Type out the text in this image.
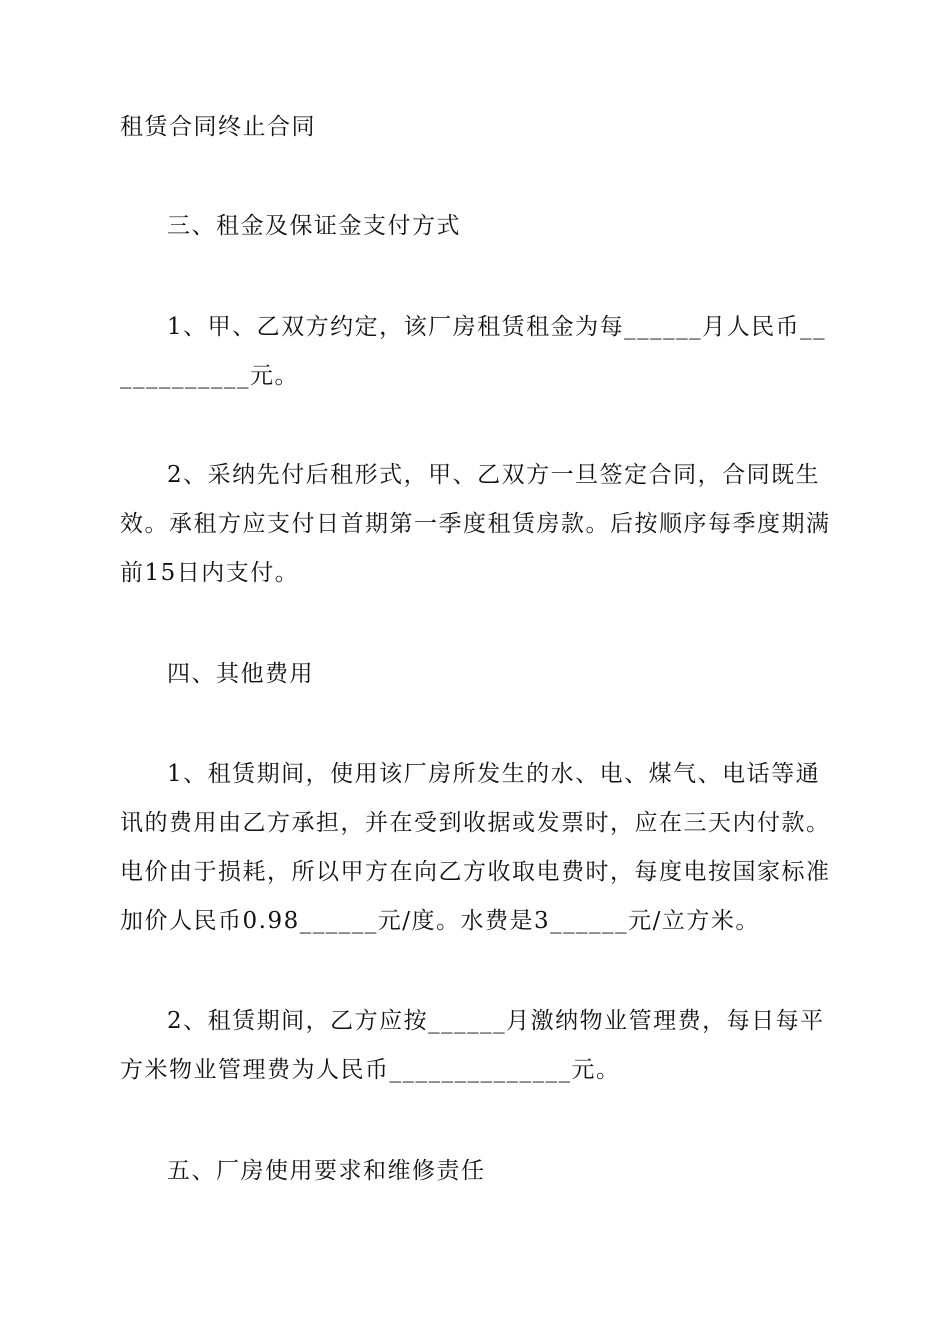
租赁合同终止合同

三、租金及保证金支付方式

1、甲、乙双方约定，该厂房租赁租金为每______月人民币____________元。

2、采纳先付后租形式，甲、乙双方一旦签定合同，合同既生效。承租方应支付日首期第一季度租赁房款。后按顺序每季度期满前15日内支付。

四、其他费用

1、租赁期间，使用该厂房所发生的水、电、煤气、电话等通讯的费用由乙方承担，并在受到收据或发票时，应在三天内付款。电价由于损耗，所以甲方在向乙方收取电费时，每度电按国家标准加价人民币0.98______元/度。水费是3______元/立方米。

2、租赁期间，乙方应按______月激纳物业管理费，每日每平方米物业管理费为人民币______________元。

五、厂房使用要求和维修责任
